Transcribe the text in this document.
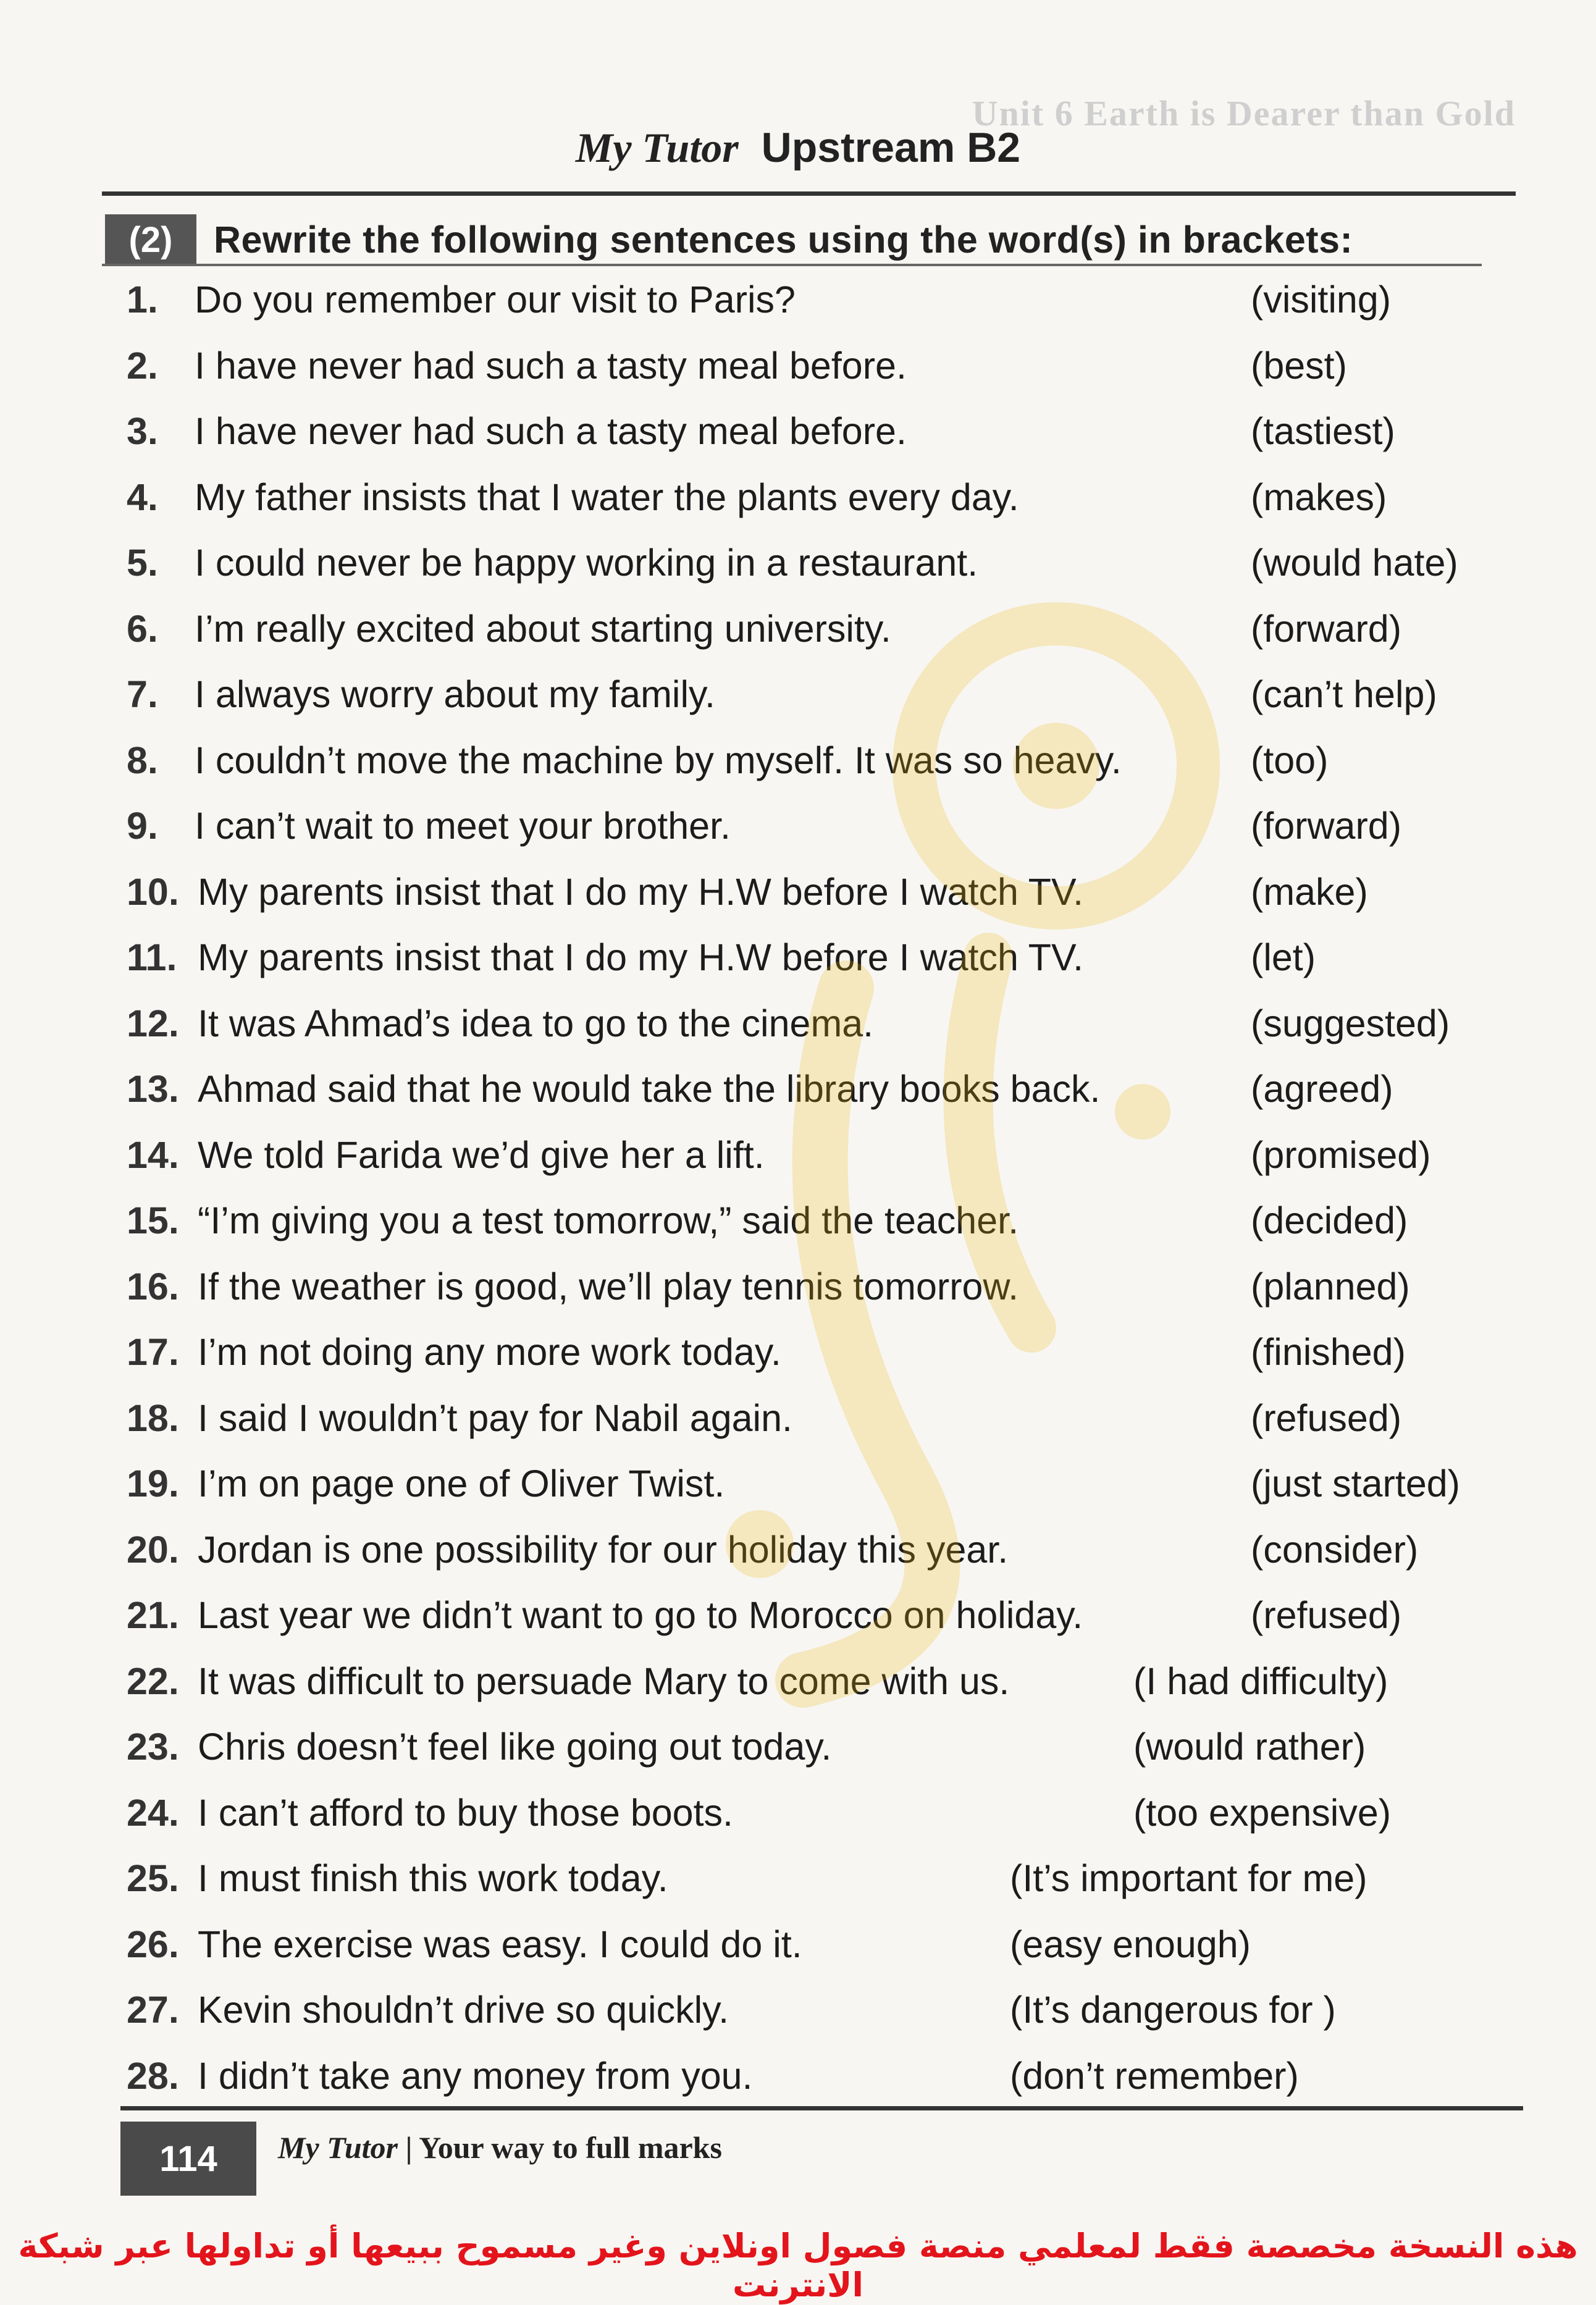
Unit 6 Earth is Dearer than Gold
My Tutor Upstream B2
(2)	Rewrite the following sentences using the word(s) in brackets:
1. Do you remember our visit to Paris?	(visiting)
2. I have never had such a tasty meal before.	(best)
3. I have never had such a tasty meal before.	(tastiest)
4. My father insists that I water the plants every day.	(makes)
5. I could never be happy working in a restaurant.	(would hate)
6. I’m really excited about starting university.	(forward)
7. I always worry about my family.	(can’t help)
8. I couldn’t move the machine by myself. It was so heavy.	(too)
9. I can’t wait to meet your brother.	(forward)
10. My parents insist that I do my H.W before I watch TV.	(make)
11. My parents insist that I do my H.W before I watch TV.	(let)
12. It was Ahmad’s idea to go to the cinema.	(suggested)
13. Ahmad said that he would take the library books back.	(agreed)
14. We told Farida we’d give her a lift.	(promised)
15. “I’m giving you a test tomorrow,” said the teacher.	(decided)
16. If the weather is good, we’ll play tennis tomorrow.	(planned)
17. I’m not doing any more work today.	(finished)
18. I said I wouldn’t pay for Nabil again.	(refused)
19. I’m on page one of Oliver Twist.	(just started)
20. Jordan is one possibility for our holiday this year.	(consider)
21. Last year we didn’t want to go to Morocco on holiday.	(refused)
22. It was difficult to persuade Mary to come with us.	(I had difficulty)
23. Chris doesn’t feel like going out today.	(would rather)
24. I can’t afford to buy those boots.	(too expensive)
25. I must finish this work today.	(It’s important for me)
26. The exercise was easy. I could do it.	(easy enough)
27. Kevin shouldn’t drive so quickly.	(It’s dangerous for )
28. I didn’t take any money from you.	(don’t remember)
114	My Tutor | Your way to full marks
هذه النسخة مخصصة فقط لمعلمي منصة فصول اونلاين وغير مسموح ببيعها أو تداولها عبر شبكة الانترنت
